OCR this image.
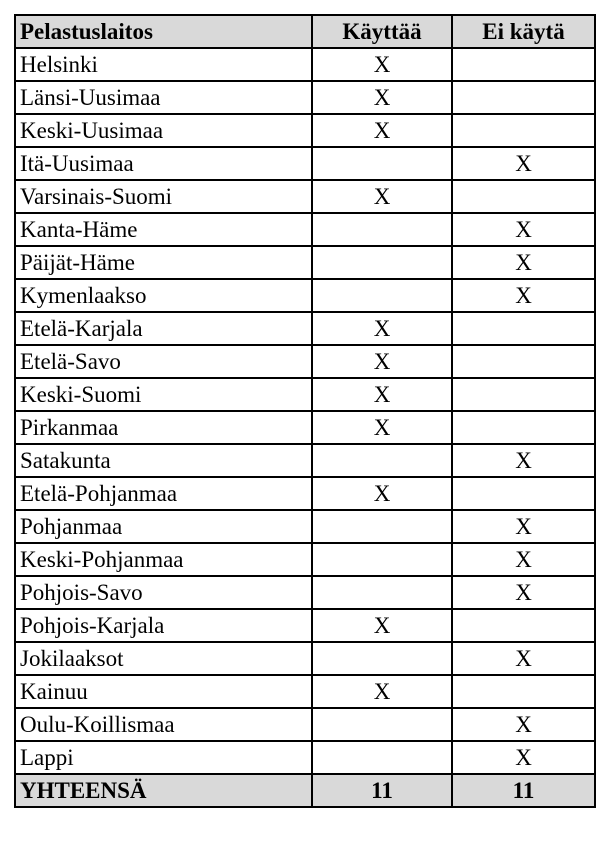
Pelastuslaitos	Käyttää	Ei käytä
Helsinki	X	
Länsi-Uusimaa	X	
Keski-Uusimaa	X	
Itä-Uusimaa		X
Varsinais-Suomi	X	
Kanta-Häme		X
Päijät-Häme		X
Kymenlaakso		X
Etelä-Karjala	X	
Etelä-Savo	X	
Keski-Suomi	X	
Pirkanmaa	X	
Satakunta		X
Etelä-Pohjanmaa	X	
Pohjanmaa		X
Keski-Pohjanmaa		X
Pohjois-Savo		X
Pohjois-Karjala	X	
Jokilaaksot		X
Kainuu	X	
Oulu-Koillismaa		X
Lappi		X
YHTEENSÄ	11	11
